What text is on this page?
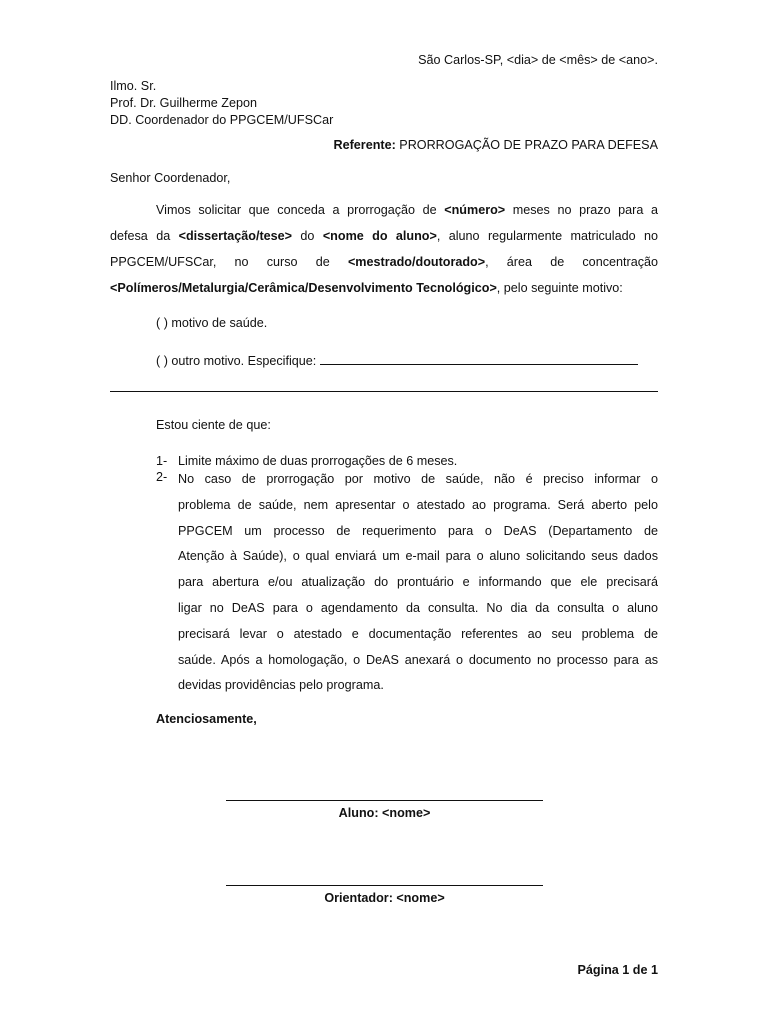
São Carlos-SP, <dia> de <mês> de <ano>.
Ilmo. Sr.
Prof. Dr. Guilherme Zepon
DD. Coordenador do PPGCEM/UFSCar
Referente: PRORROGAÇÃO DE PRAZO PARA DEFESA
Senhor Coordenador,
Vimos solicitar que conceda a prorrogação de <número> meses no prazo para a
defesa da <dissertação/tese> do <nome do aluno>, aluno regularmente matriculado no
PPGCEM/UFSCar, no curso de <mestrado/doutorado>, área de concentração
<Polímeros/Metalurgia/Cerâmica/Desenvolvimento Tecnológico>, pelo seguinte motivo:
( ) motivo de saúde.
( ) outro motivo. Especifique:
Estou ciente de que:
1- Limite máximo de duas prorrogações de 6 meses.
2- No caso de prorrogação por motivo de saúde, não é preciso informar o
problema de saúde, nem apresentar o atestado ao programa. Será aberto pelo
PPGCEM um processo de requerimento para o DeAS (Departamento de
Atenção à Saúde), o qual enviará um e-mail para o aluno solicitando seus dados
para abertura e/ou atualização do prontuário e informando que ele precisará
ligar no DeAS para o agendamento da consulta. No dia da consulta o aluno
precisará levar o atestado e documentação referentes ao seu problema de
saúde. Após a homologação, o DeAS anexará o documento no processo para as
devidas providências pelo programa.
Atenciosamente,
Aluno: <nome>
Orientador: <nome>
Página 1 de 1
